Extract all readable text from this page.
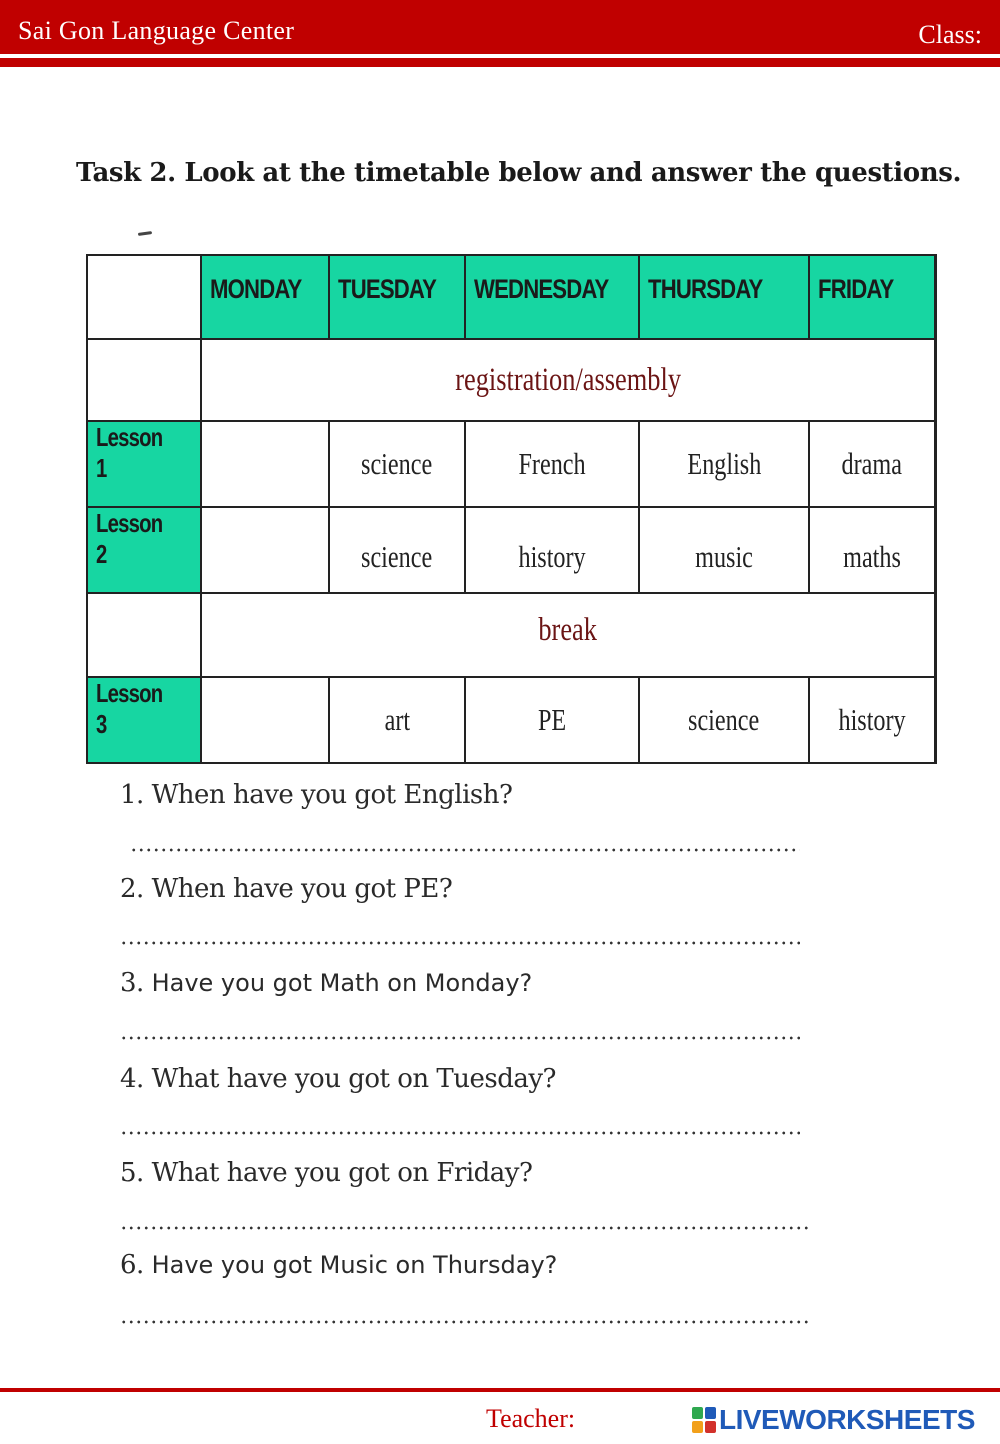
Sai Gon Language Center	Class:
Task 2. Look at the timetable below and answer the questions.
	MONDAY	TUESDAY	WEDNESDAY	THURSDAY	FRIDAY
	registration/assembly				
Lesson 1		science	French	English	drama
Lesson 2		science	history	music	maths
	break				
Lesson 3		art	PE	science	history
1. When have you got English?
2. When have you got PE?
3. Have you got Math on Monday?
4. What have you got on Tuesday?
5. What have you got on Friday?
6. Have you got Music on Thursday?
Teacher:	LIVEWORKSHEETS
